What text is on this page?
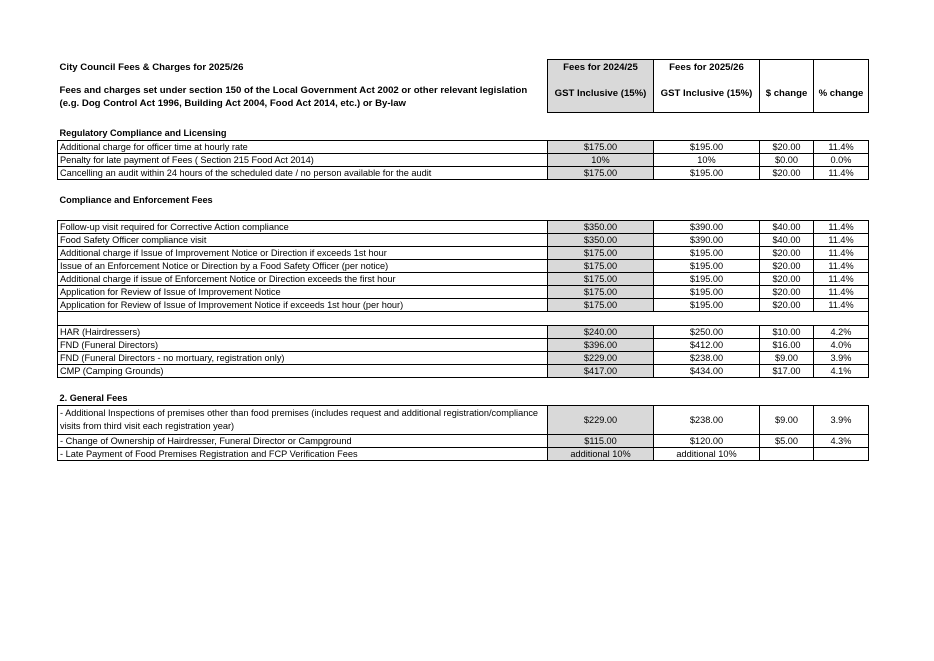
City Council Fees & Charges for 2025/26	Fees for 2024/25	Fees for 2025/26		
Fees and charges set under section 150 of the Local Government Act 2002 or other relevant legislation (e.g. Dog Control Act 1996, Building Act 2004, Food Act 2014, etc.) or By-law	GST Inclusive (15%)	GST Inclusive (15%)	$ change	% change

Regulatory Compliance and Licensing				
Additional charge for officer time at hourly rate	$175.00	$195.00	$20.00	11.4%
Penalty for late payment of Fees ( Section 215 Food Act 2014)	10%	10%	$0.00	0.0%
Cancelling an audit within 24 hours of the scheduled date / no person available for the audit	$175.00	$195.00	$20.00	11.4%

Compliance and Enforcement Fees				

Follow-up visit required for Corrective Action compliance	$350.00	$390.00	$40.00	11.4%
Food Safety Officer compliance visit	$350.00	$390.00	$40.00	11.4%
Additional charge if Issue of Improvement Notice or Direction if exceeds 1st hour	$175.00	$195.00	$20.00	11.4%
Issue of an Enforcement Notice or Direction by a Food Safety Officer (per notice)	$175.00	$195.00	$20.00	11.4%
Additional charge if issue of Enforcement Notice or Direction exceeds the first hour	$175.00	$195.00	$20.00	11.4%
Application for Review of Issue of Improvement Notice	$175.00	$195.00	$20.00	11.4%
Application for Review of Issue of Improvement Notice if exceeds 1st hour (per hour)	$175.00	$195.00	$20.00	11.4%

HAR (Hairdressers)	$240.00	$250.00	$10.00	4.2%
FND (Funeral Directors)	$396.00	$412.00	$16.00	4.0%
FND (Funeral Directors - no mortuary, registration only)	$229.00	$238.00	$9.00	3.9%
CMP (Camping Grounds)	$417.00	$434.00	$17.00	4.1%

2. General Fees				
- Additional Inspections of premises other than food premises (includes request and additional registration/compliance visits from third visit each registration year)	$229.00	$238.00	$9.00	3.9%
- Change of Ownership of Hairdresser, Funeral Director or Campground	$115.00	$120.00	$5.00	4.3%
- Late Payment of Food Premises Registration and FCP Verification Fees	additional 10%	additional 10%		
